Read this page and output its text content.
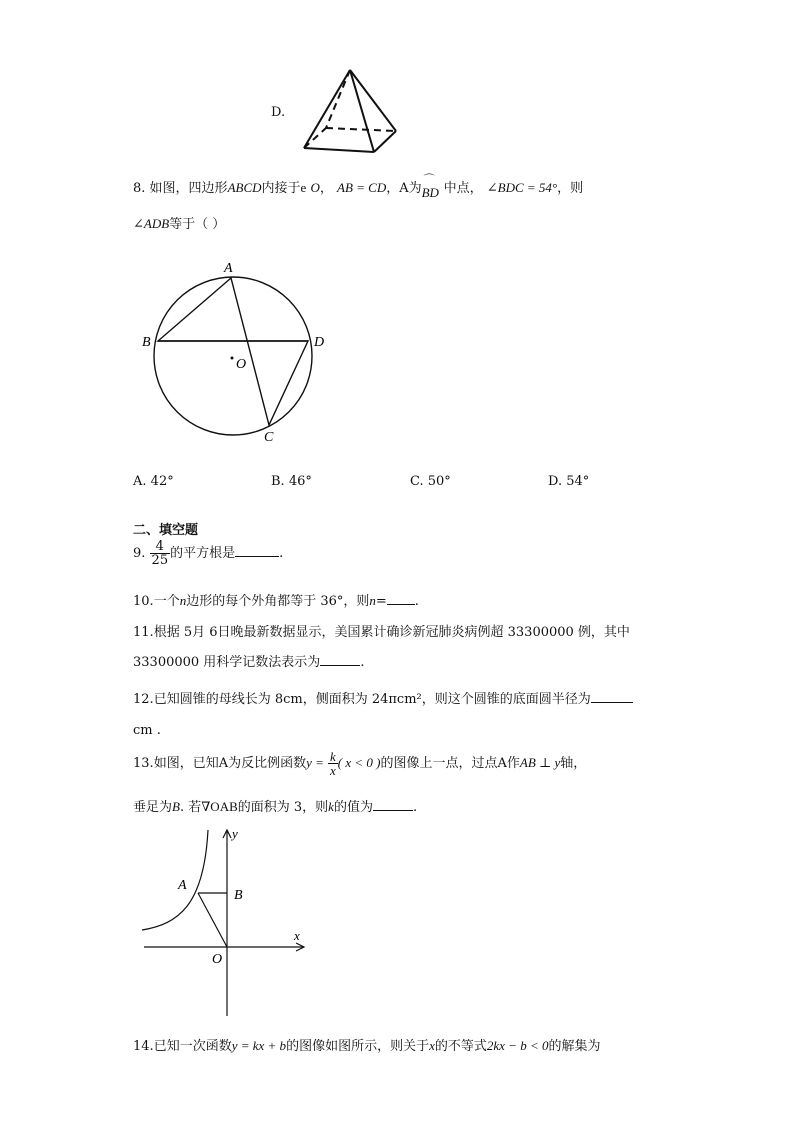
D.
8. 如图，四边形ABCD内接于e O， AB = CD，A为
⌒
BD 中点， ∠BDC = 54°，则
∠ADB等于（ ）
A
B	D
C
O
A. 42°	B. 46°	C. 50°	D. 54°
二、填空题
9. $\frac{4}{25}$ 的平方根是	.
10.一个n边形的每个外角都等于 36°，则n= .
11.根据 5月 6日晚最新数据显示，美国累计确诊新冠肺炎病例超 33300000 例，其中
33300000 用科学记数法表示为	.
12.已知圆锥的母线长为 8cm，侧面积为 24πcm²，则这个圆锥的底面圆半径为
cm .
13.如图，已知A为反比例函数$y = \frac{k}{x}$ ( x < 0 )的图像上一点，过点A作AB ⊥ y轴，
垂足为B. 若∇OAB的面积为 3，则k的值为	.
y
x
A
B
O
14.已知一次函数y = kx + b的图像如图所示，则关于x的不等式2kx − b < 0的解集为
